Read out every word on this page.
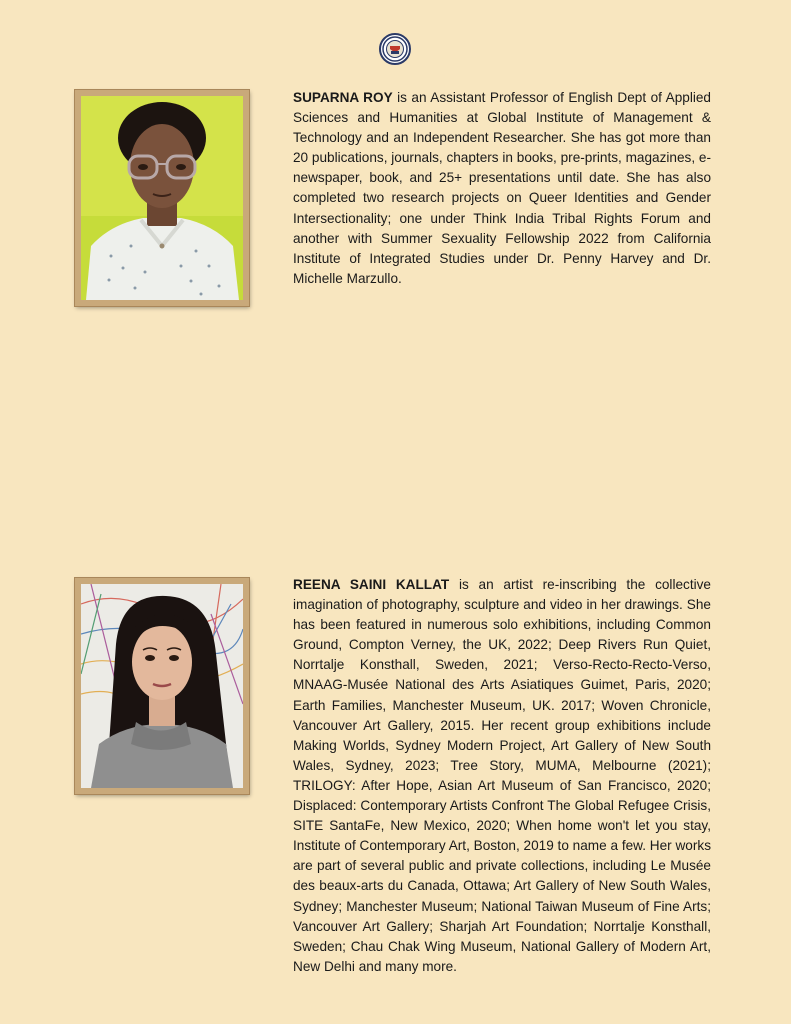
SUPARNA ROY is an Assistant Professor of English Dept of Applied Sciences and Humanities at Global Institute of Management & Technology and an Independent Researcher. She has got more than 20 publications, journals, chapters in books, pre-prints, magazines, e-newspaper, book, and 25+ presentations until date. She has also completed two research projects on Queer Identities and Gender Intersectionality; one under Think India Tribal Rights Forum and another with Summer Sexuality Fellowship 2022 from California Institute of Integrated Studies under Dr. Penny Harvey and Dr. Michelle Marzullo.
REENA SAINI KALLAT is an artist re-inscribing the collective imagination of photography, sculpture and video in her drawings. She has been featured in numerous solo exhibitions, including Common Ground, Compton Verney, the UK, 2022; Deep Rivers Run Quiet, Norrtalje Konsthall, Sweden, 2021; Verso-Recto-Recto-Verso, MNAAG-Musée National des Arts Asiatiques Guimet, Paris, 2020; Earth Families, Manchester Museum, UK. 2017; Woven Chronicle, Vancouver Art Gallery, 2015. Her recent group exhibitions include Making Worlds, Sydney Modern Project, Art Gallery of New South Wales, Sydney, 2023; Tree Story, MUMA, Melbourne (2021); TRILOGY: After Hope, Asian Art Museum of San Francisco, 2020; Displaced: Contemporary Artists Confront The Global Refugee Crisis, SITE SantaFe, New Mexico, 2020; When home won't let you stay, Institute of Contemporary Art, Boston, 2019 to name a few. Her works are part of several public and private collections, including Le Musée des beaux-arts du Canada, Ottawa; Art Gallery of New South Wales, Sydney; Manchester Museum; National Taiwan Museum of Fine Arts; Vancouver Art Gallery; Sharjah Art Foundation; Norrtalje Konsthall, Sweden; Chau Chak Wing Museum, National Gallery of Modern Art, New Delhi and many more.
